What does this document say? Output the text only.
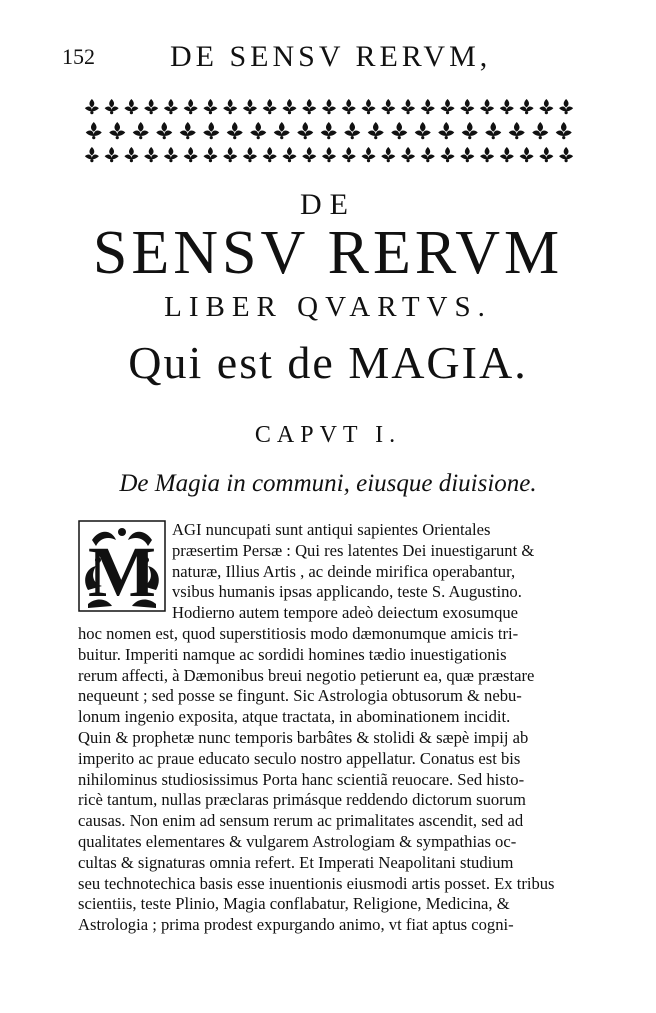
152	DE SENSV RERVM,
DE
SENSV RERVM
LIBER QVARTVS.
Qui est de MAGIA.
CAPVT I.
De Magia in communi, eiusque diuisione.
M
AGI nuncupati sunt antiqui sapientes Orientales
præsertim Persæ : Qui res latentes Dei inuestigarunt &
naturæ, Illius Artis , ac deinde mirifica operabantur,
vsibus humanis ipsas applicando, teste S. Augustino.
Hodierno autem tempore adeò deiectum exosumque
hoc nomen est, quod superstitiosis modo dæmonumque amicis tri-
buitur. Imperiti namque ac sordidi homines tædio inuestigationis
rerum affecti, à Dæmonibus breui negotio petierunt ea, quæ præstare
nequeunt ; sed posse se fingunt. Sic Astrologia obtusorum & nebu-
lonum ingenio exposita, atque tractata, in abominationem incidit.
Quin & prophetæ nunc temporis barbâtes & stolidi & sæpè impij ab
imperito ac praue educato seculo nostro appellatur. Conatus est bis
nihilominus studiosissimus Porta hanc scientiã reuocare. Sed histo-
ricè tantum, nullas præclaras primásque reddendo dictorum suorum
causas. Non enim ad sensum rerum ac primalitates ascendit, sed ad
qualitates elementares & vulgarem Astrologiam & sympathias oc-
cultas & signaturas omnia refert. Et Imperati Neapolitani studium
seu technotechica basis esse inuentionis eiusmodi artis posset. Ex tribus
scientiis, teste Plinio, Magia conflabatur, Religione, Medicina, &
Astrologia ; prima prodest expurgando animo, vt fiat aptus cogni-
